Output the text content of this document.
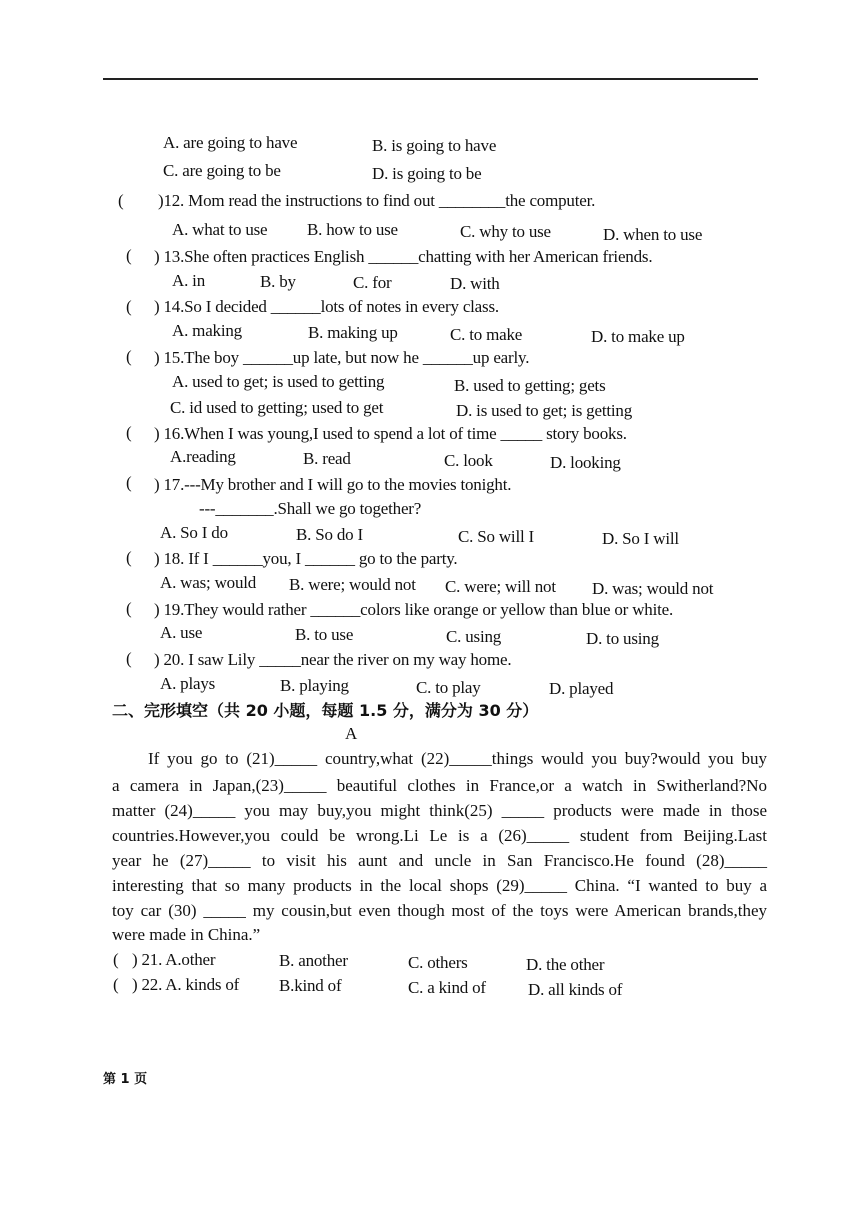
A. are going to have	B. is going to have
C. are going to be	D. is going to be
( )12. Mom read the instructions to find out ________the computer.
A. what to use B. how to use	C. why to use	D. when to use
( ) 13.She often practices English ______chatting with her American friends.
A. in	B. by	C. for	D. with
( ) 14.So I decided ______lots of notes in every class.
A. making	B. making up	C. to make	D. to make up
( ) 15.The boy ______up late, but now he ______up early.
A. used to get; is used to getting	B. used to getting; gets
C. id used to getting; used to get	D. is used to get; is getting
( ) 16.When I was young,I used to spend a lot of time _____ story books.
A.reading	B. read	C. look	D. looking
( ) 17.---My brother and I will go to the movies tonight.
---_______.Shall we go together?
A. So I do	B. So do I	C. So will I	D. So I will
( ) 18. If I ______you, I ______ go to the party.
A. was; would B. were; would not C. were; will not D. was; would not
( ) 19.They would rather ______colors like orange or yellow than blue or white.
A. use	B. to use	C. using	D. to using
( ) 20. I saw Lily _____near the river on my way home.
A. plays	B. playing	C. to play	D. played
二、完形填空（共 20 小题，每题 1.5 分，满分为 30 分）
A
If you go to (21)_____ country,what (22)_____things would you buy?would you buy
a camera in Japan,(23)_____ beautiful clothes in France,or a watch in Switherland?No
matter (24)_____ you may buy,you might think(25) _____ products were made in those
countries.However,you could be wrong.Li Le is a (26)_____ student from Beijing.Last
year he (27)_____ to visit his aunt and uncle in San Francisco.He found (28)_____
interesting that so many products in the local shops (29)_____ China. “I wanted to buy a
toy car (30) _____ my cousin,but even though most of the toys were American brands,they
were made in China.”
( ) 21. A.other	B. another	C. others	D. the other
( ) 22. A. kinds of B.kind of	C. a kind of D. all kinds of
第 1 页
